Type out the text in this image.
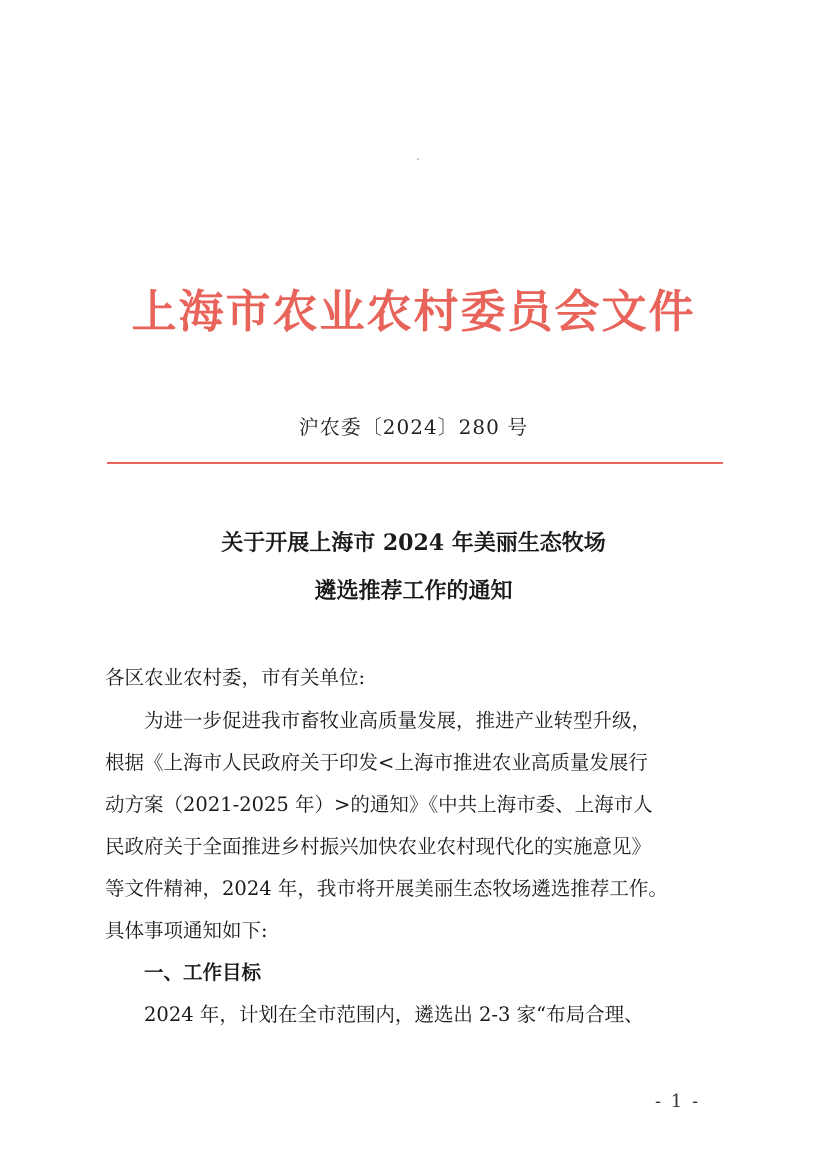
上海市农业农村委员会文件
沪农委〔2024〕280 号
关于开展上海市 2024 年美丽生态牧场
遴选推荐工作的通知
各区农业农村委，市有关单位:
为进一步促进我市畜牧业高质量发展，推进产业转型升级，
根据《上海市人民政府关于印发<上海市推进农业高质量发展行
动方案（2021-2025 年）>的通知》《中共上海市委、上海市人
民政府关于全面推进乡村振兴加快农业农村现代化的实施意见》
等文件精神，2024 年，我市将开展美丽生态牧场遴选推荐工作。
具体事项通知如下:
一、工作目标
2024 年，计划在全市范围内，遴选出 2-3 家“布局合理、
- 1 -
